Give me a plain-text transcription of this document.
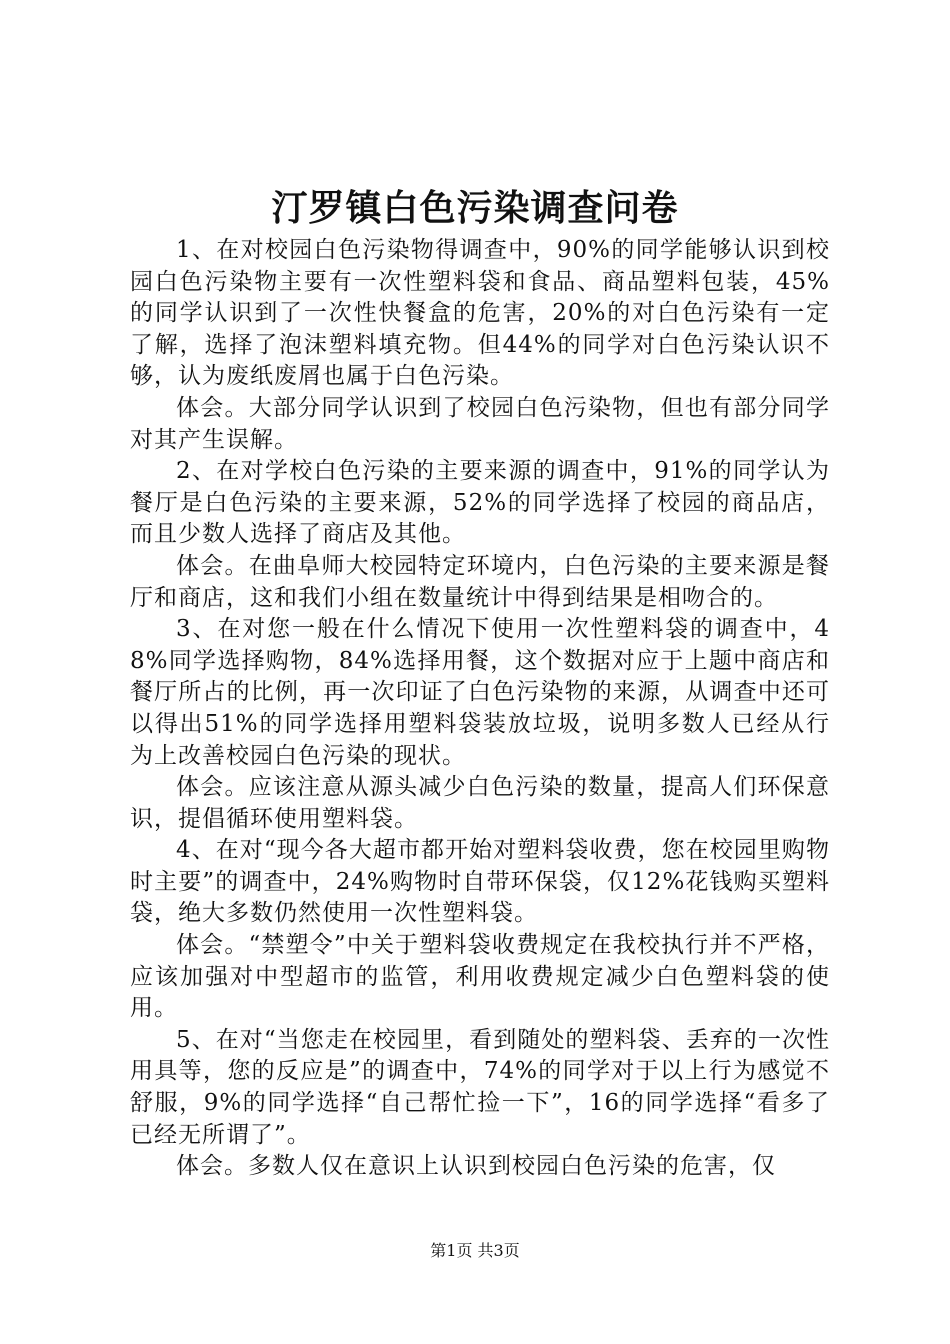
汀罗镇白色污染调查问卷

1、在对校园白色污染物得调查中，90%的同学能够认识到校园白色污染物主要有一次性塑料袋和食品、商品塑料包装，45%的同学认识到了一次性快餐盒的危害，20%的对白色污染有一定了解，选择了泡沫塑料填充物。但44%的同学对白色污染认识不够，认为废纸废屑也属于白色污染。

体会。大部分同学认识到了校园白色污染物，但也有部分同学对其产生误解。

2、在对学校白色污染的主要来源的调查中，91%的同学认为餐厅是白色污染的主要来源，52%的同学选择了校园的商品店，而且少数人选择了商店及其他。

体会。在曲阜师大校园特定环境内，白色污染的主要来源是餐厅和商店，这和我们小组在数量统计中得到结果是相吻合的。

3、在对您一般在什么情况下使用一次性塑料袋的调查中，48%同学选择购物，84%选择用餐，这个数据对应于上题中商店和餐厅所占的比例，再一次印证了白色污染物的来源，从调查中还可以得出51%的同学选择用塑料袋装放垃圾，说明多数人已经从行为上改善校园白色污染的现状。

体会。应该注意从源头减少白色污染的数量，提高人们环保意识，提倡循环使用塑料袋。

4、在对“现今各大超市都开始对塑料袋收费，您在校园里购物时主要”的调查中，24%购物时自带环保袋，仅12%花钱购买塑料袋，绝大多数仍然使用一次性塑料袋。

体会。“禁塑令”中关于塑料袋收费规定在我校执行并不严格，应该加强对中型超市的监管，利用收费规定减少白色塑料袋的使用。

5、在对“当您走在校园里，看到随处的塑料袋、丢弃的一次性用具等，您的反应是”的调查中，74%的同学对于以上行为感觉不舒服，9%的同学选择“自己帮忙捡一下”，16的同学选择“看多了已经无所谓了”。

体会。多数人仅在意识上认识到校园白色污染的危害，仅

第1页 共3页
